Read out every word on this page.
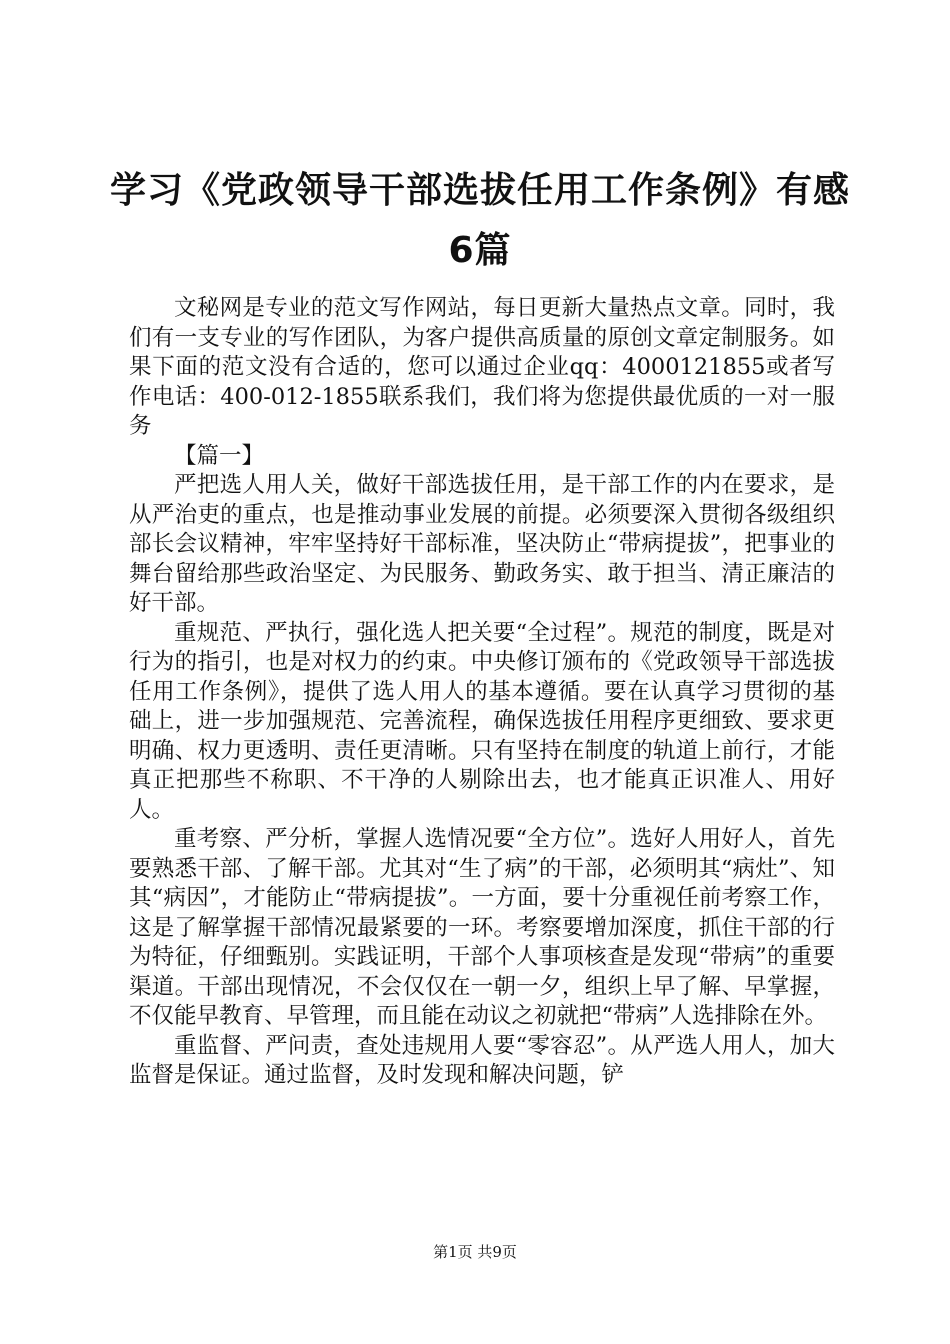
学习《党政领导干部选拔任用工作条例》有感
6篇

文秘网是专业的范文写作网站，每日更新大量热点文章。同时，我们有一支专业的写作团队，为客户提供高质量的原创文章定制服务。如果下面的范文没有合适的，您可以通过企业qq：4000121855或者写作电话：400-012-1855联系我们，我们将为您提供最优质的一对一服务

【篇一】

严把选人用人关，做好干部选拔任用，是干部工作的内在要求，是从严治吏的重点，也是推动事业发展的前提。必须要深入贯彻各级组织部长会议精神，牢牢坚持好干部标准，坚决防止“带病提拔”，把事业的舞台留给那些政治坚定、为民服务、勤政务实、敢于担当、清正廉洁的好干部。

重规范、严执行，强化选人把关要“全过程”。规范的制度，既是对行为的指引，也是对权力的约束。中央修订颁布的《党政领导干部选拔任用工作条例》，提供了选人用人的基本遵循。要在认真学习贯彻的基础上，进一步加强规范、完善流程，确保选拔任用程序更细致、要求更明确、权力更透明、责任更清晰。只有坚持在制度的轨道上前行，才能真正把那些不称职、不干净的人剔除出去，也才能真正识准人、用好人。

重考察、严分析，掌握人选情况要“全方位”。选好人用好人，首先要熟悉干部、了解干部。尤其对“生了病”的干部，必须明其“病灶”、知其“病因”，才能防止“带病提拔”。一方面，要十分重视任前考察工作，这是了解掌握干部情况最紧要的一环。考察要增加深度，抓住干部的行为特征，仔细甄别。实践证明，干部个人事项核查是发现“带病”的重要渠道。干部出现情况，不会仅仅在一朝一夕，组织上早了解、早掌握，不仅能早教育、早管理，而且能在动议之初就把“带病”人选排除在外。

重监督、严问责，查处违规用人要“零容忍”。从严选人用人，加大监督是保证。通过监督，及时发现和解决问题，铲

第1页 共9页
